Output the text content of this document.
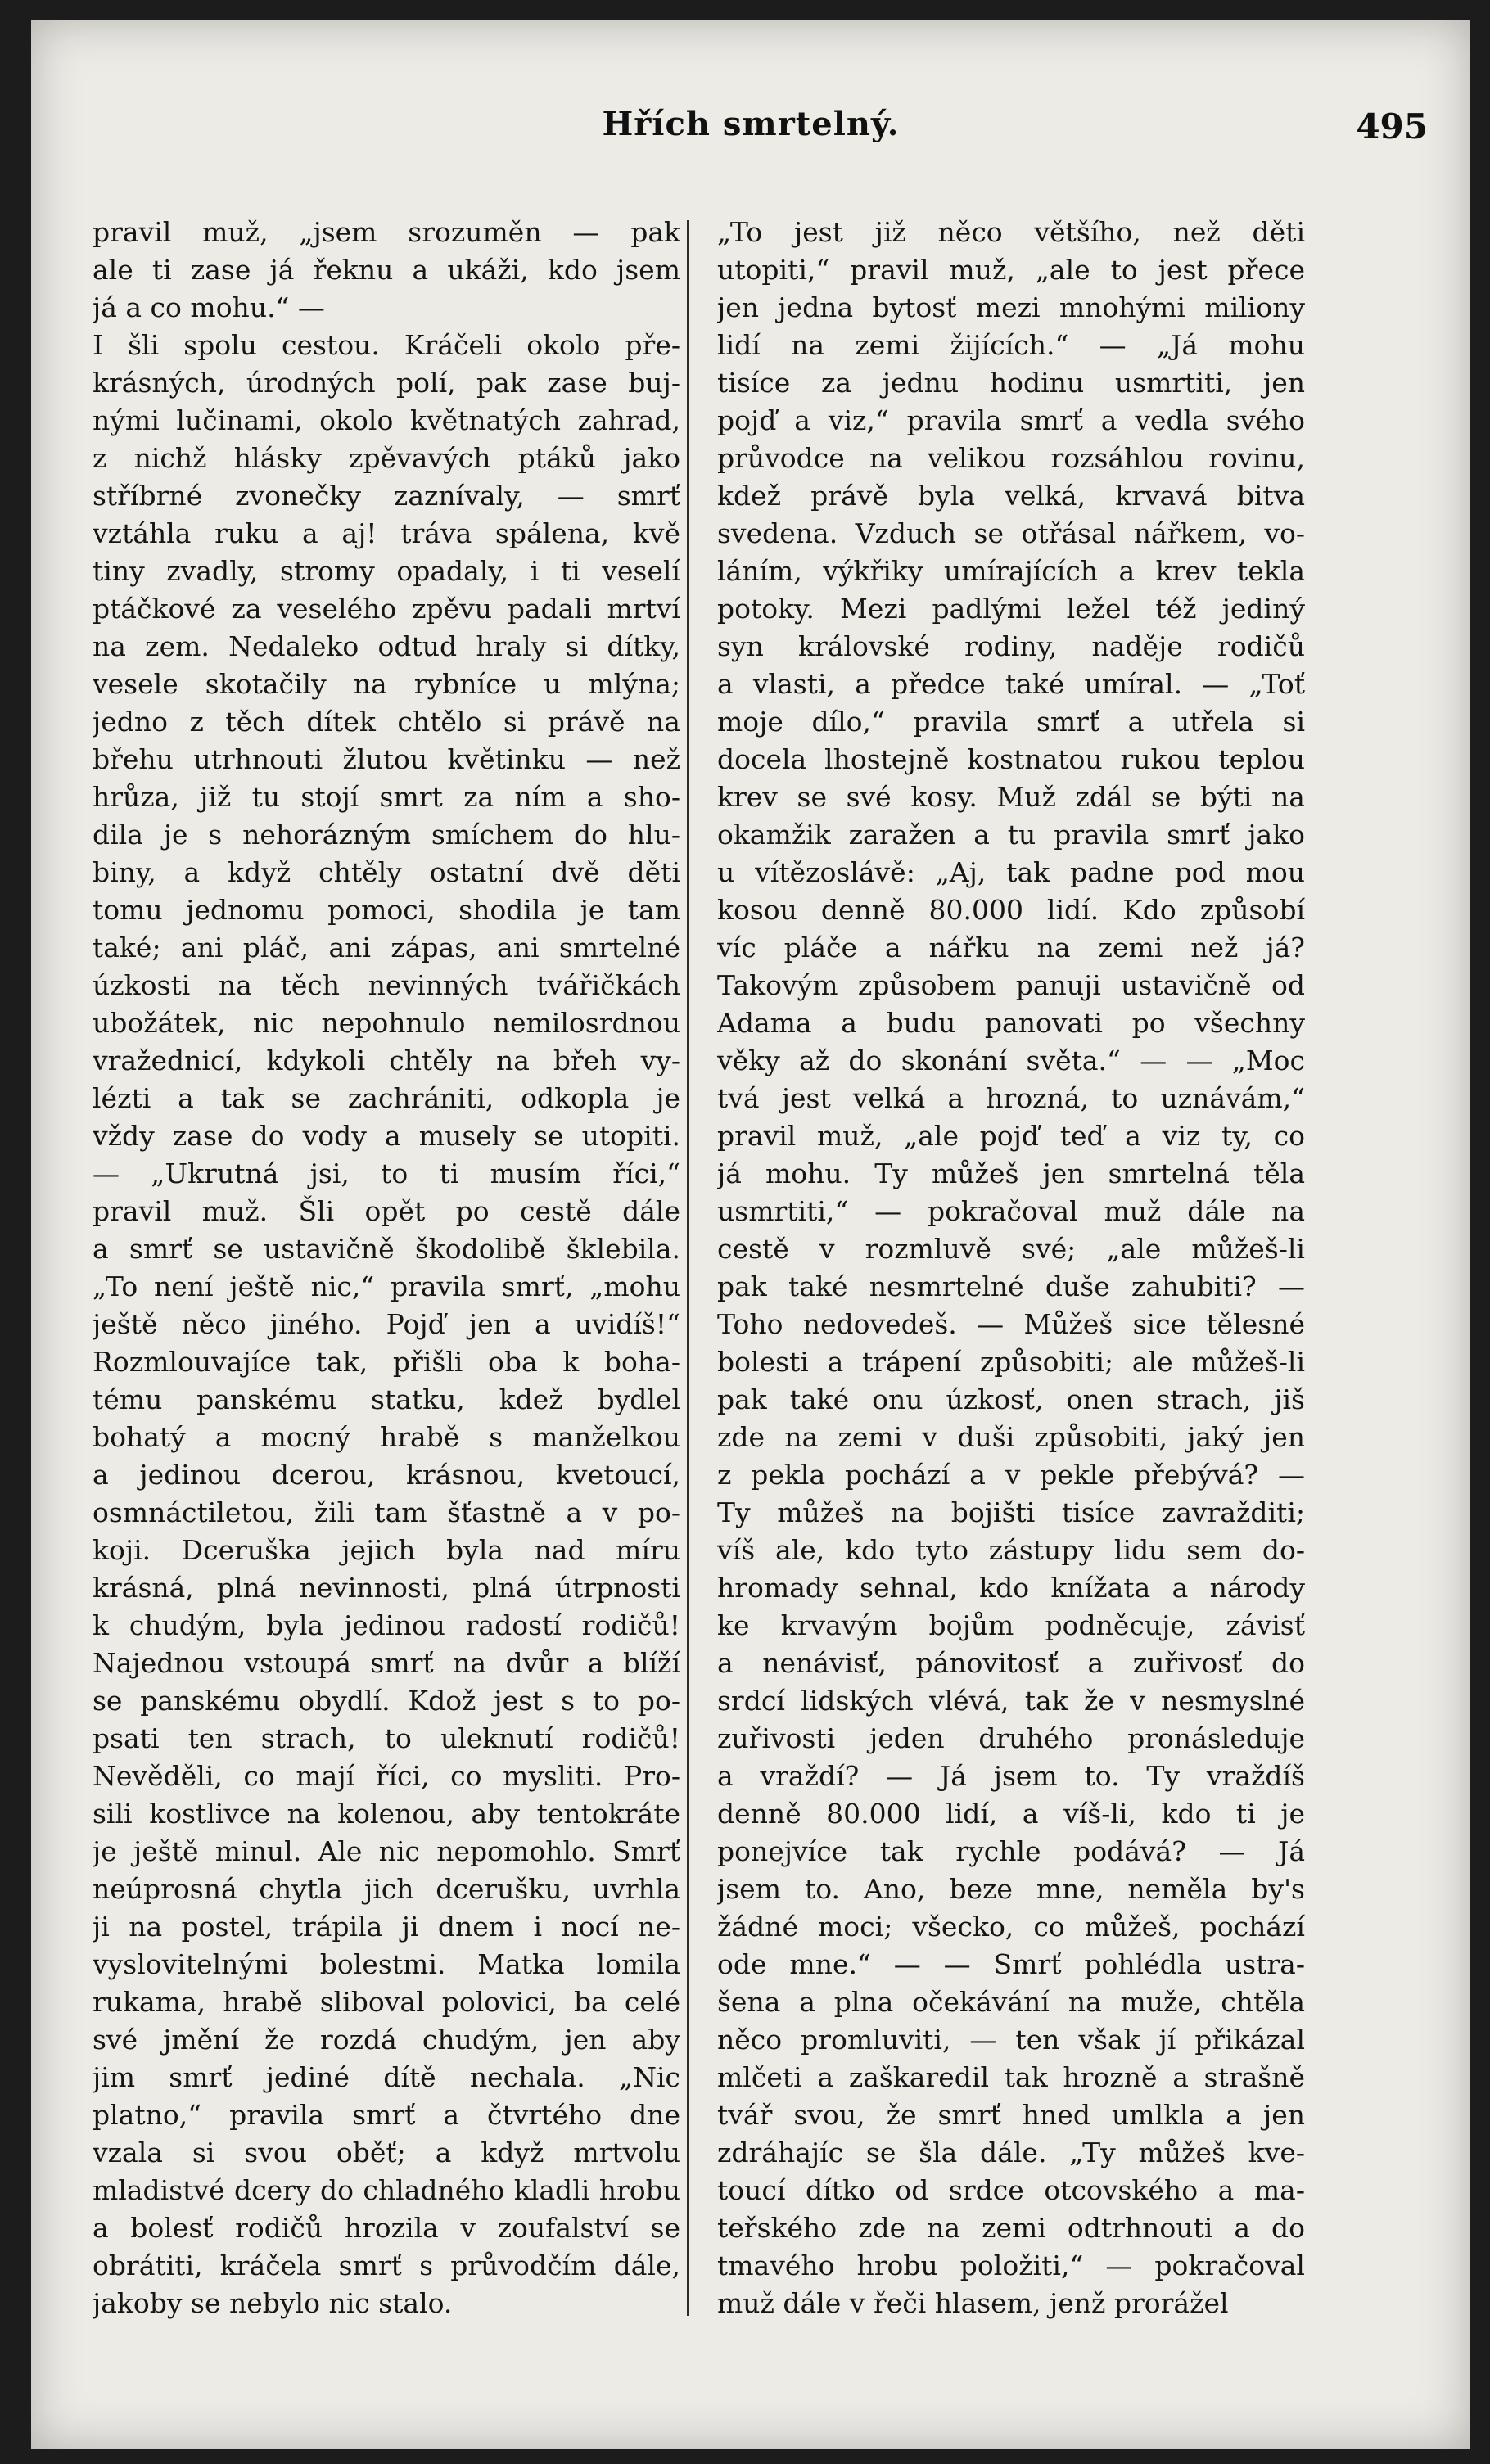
Hřích smrtelný.	495
pravil muž, „jsem srozuměn — pak
ale ti zase já řeknu a ukáži, kdo jsem
já a co mohu.“ —
I šli spolu cestou. Kráčeli okolo pře-
krásných, úrodných polí, pak zase buj-
nými lučinami, okolo květnatých zahrad,
z nichž hlásky zpěvavých ptáků jako
stříbrné zvonečky zaznívaly, — smrť
vztáhla ruku a aj! tráva spálena, kvě
tiny zvadly, stromy opadaly, i ti veselí
ptáčkové za veselého zpěvu padali mrtví
na zem. Nedaleko odtud hraly si dítky,
vesele skotačily na rybníce u mlýna;
jedno z těch dítek chtělo si právě na
břehu utrhnouti žlutou květinku — než
hrůza, již tu stojí smrt za ním a sho-
dila je s nehorázným smíchem do hlu-
biny, a když chtěly ostatní dvě děti
tomu jednomu pomoci, shodila je tam
také; ani pláč, ani zápas, ani smrtelné
úzkosti na těch nevinných tvářičkách
ubožátek, nic nepohnulo nemilosrdnou
vražednicí, kdykoli chtěly na břeh vy-
lézti a tak se zachrániti, odkopla je
vždy zase do vody a musely se utopiti.
— „Ukrutná jsi, to ti musím říci,“
pravil muž. Šli opět po cestě dále
a smrť se ustavičně škodolibě šklebila.
„To není ještě nic,“ pravila smrť, „mohu
ještě něco jiného. Pojď jen a uvidíš!“
Rozmlouvajíce tak, přišli oba k boha-
tému panskému statku, kdež bydlel
bohatý a mocný hrabě s manželkou
a jedinou dcerou, krásnou, kvetoucí,
osmnáctiletou, žili tam šťastně a v po-
koji. Dceruška jejich byla nad míru
krásná, plná nevinnosti, plná útrpnosti
k chudým, byla jedinou radostí rodičů!
Najednou vstoupá smrť na dvůr a blíží
se panskému obydlí. Kdož jest s to po-
psati ten strach, to uleknutí rodičů!
Nevěděli, co mají říci, co mysliti. Pro-
sili kostlivce na kolenou, aby tentokráte
je ještě minul. Ale nic nepomohlo. Smrť
neúprosná chytla jich dcerušku, uvrhla
ji na postel, trápila ji dnem i nocí ne-
vyslovitelnými bolestmi. Matka lomila
rukama, hrabě sliboval polovici, ba celé
své jmění že rozdá chudým, jen aby
jim smrť jediné dítě nechala. „Nic
platno,“ pravila smrť a čtvrtého dne
vzala si svou oběť; a když mrtvolu
mladistvé dcery do chladného kladli hrobu
a bolesť rodičů hrozila v zoufalství se
obrátiti, kráčela smrť s průvodčím dále,
jakoby se nebylo nic stalo.
„To jest již něco většího, než děti
utopiti,“ pravil muž, „ale to jest přece
jen jedna bytosť mezi mnohými miliony
lidí na zemi žijících.“ — „Já mohu
tisíce za jednu hodinu usmrtiti, jen
pojď a viz,“ pravila smrť a vedla svého
průvodce na velikou rozsáhlou rovinu,
kdež právě byla velká, krvavá bitva
svedena. Vzduch se otřásal nářkem, vo-
láním, výkřiky umírajících a krev tekla
potoky. Mezi padlými ležel též jediný
syn královské rodiny, naděje rodičů
a vlasti, a předce také umíral. — „Toť
moje dílo,“ pravila smrť a utřela si
docela lhostejně kostnatou rukou teplou
krev se své kosy. Muž zdál se býti na
okamžik zaražen a tu pravila smrť jako
u vítězoslávě: „Aj, tak padne pod mou
kosou denně 80.000 lidí. Kdo způsobí
víc pláče a nářku na zemi než já?
Takovým způsobem panuji ustavičně od
Adama a budu panovati po všechny
věky až do skonání světa.“ — — „Moc
tvá jest velká a hrozná, to uznávám,“
pravil muž, „ale pojď teď a viz ty, co
já mohu. Ty můžeš jen smrtelná těla
usmrtiti,“ — pokračoval muž dále na
cestě v rozmluvě své; „ale můžeš-li
pak také nesmrtelné duše zahubiti? —
Toho nedovedeš. — Můžeš sice tělesné
bolesti a trápení způsobiti; ale můžeš-li
pak také onu úzkosť, onen strach, jiš
zde na zemi v duši způsobiti, jaký jen
z pekla pochází a v pekle přebývá? —
Ty můžeš na bojišti tisíce zavražditi;
víš ale, kdo tyto zástupy lidu sem do-
hromady sehnal, kdo knížata a národy
ke krvavým bojům podněcuje, závisť
a nenávisť, pánovitosť a zuřivosť do
srdcí lidských vlévá, tak že v nesmyslné
zuřivosti jeden druhého pronásleduje
a vraždí? — Já jsem to. Ty vraždíš
denně 80.000 lidí, a víš-li, kdo ti je
ponejvíce tak rychle podává? — Já
jsem to. Ano, beze mne, neměla by's
žádné moci; všecko, co můžeš, pochází
ode mne.“ — — Smrť pohlédla ustra-
šena a plna očekávání na muže, chtěla
něco promluviti, — ten však jí přikázal
mlčeti a zaškaredil tak hrozně a strašně
tvář svou, že smrť hned umlkla a jen
zdráhajíc se šla dále. „Ty můžeš kve-
toucí dítko od srdce otcovského a ma-
teřského zde na zemi odtrhnouti a do
tmavého hrobu položiti,“ — pokračoval
muž dále v řeči hlasem, jenž prorážel
